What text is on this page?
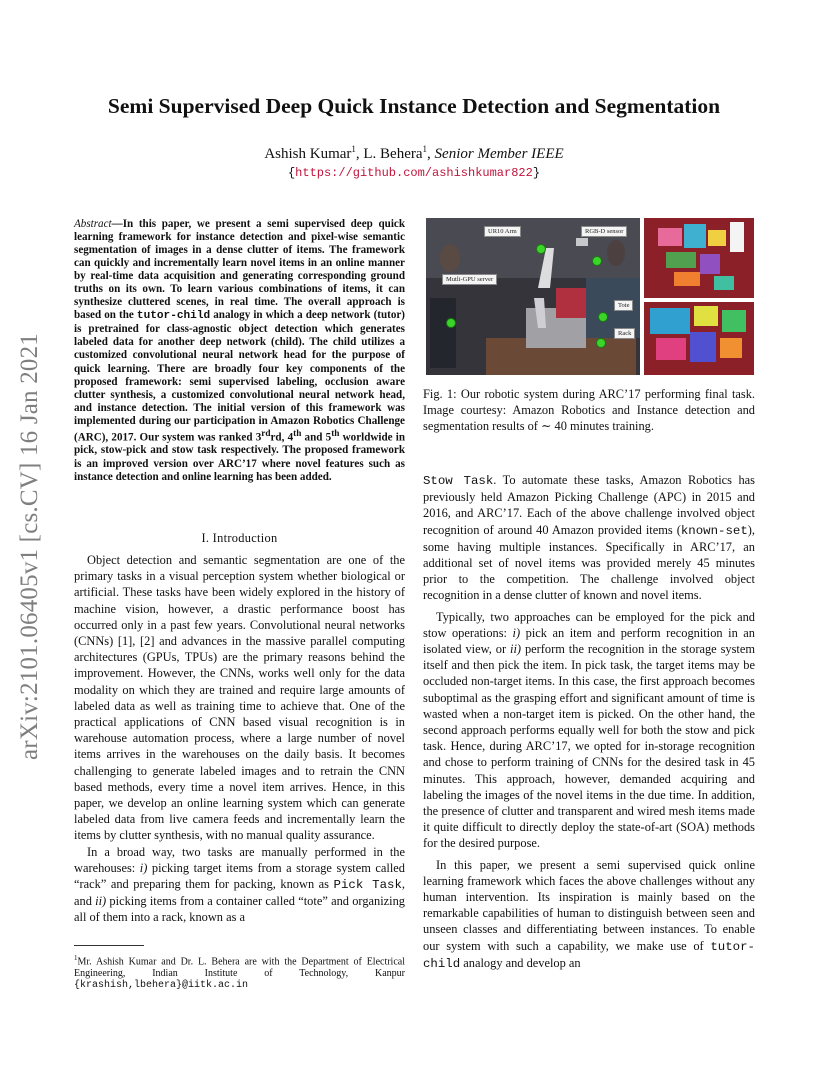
arXiv:2101.06405v1 [cs.CV] 16 Jan 2021
Semi Supervised Deep Quick Instance Detection and Segmentation
Ashish Kumar$^1$, L. Behera$^1$, Senior Member IEEE
{https://github.com/ashishkumar822}
Abstract—In this paper, we present a semi supervised deep quick learning framework for instance detection and pixel-wise semantic segmentation of images in a dense clutter of items. The framework can quickly and incrementally learn novel items in an online manner by real-time data acquisition and generating corresponding ground truths on its own. To learn various combinations of items, it can synthesize cluttered scenes, in real time. The overall approach is based on the tutor-child analogy in which a deep network (tutor) is pretrained for class-agnostic object detection which generates labeled data for another deep network (child). The child utilizes a customized convolutional neural network head for the purpose of quick learning. There are broadly four key components of the proposed framework: semi supervised labeling, occlusion aware clutter synthesis, a customized convolutional neural network head, and instance detection. The initial version of this framework was implemented during our participation in Amazon Robotics Challenge (ARC), 2017. Our system was ranked 3rdrd, 4th and 5th worldwide in pick, stow-pick and stow task respectively. The proposed framework is an improved version over ARC’17 where novel features such as instance detection and online learning has been added.
I. Introduction

Object detection and semantic segmentation are one of the primary tasks in a visual perception system whether biological or artificial. These tasks have been widely explored in the history of machine vision, however, a drastic performance boost has occurred only in a past few years. Convolutional neural networks (CNNs) [1], [2] and advances in the massive parallel computing architectures (GPUs, TPUs) are the primary reasons behind the improvement. However, the CNNs, works well only for the data modality on which they are trained and require large amounts of labeled data as well as training time to achieve that. One of the practical applications of CNN based visual recognition is in warehouse automation process, where a large number of novel items arrives in the warehouses on the daily basis. It becomes challenging to generate labeled images and to retrain the CNN based methods, every time a novel item arrives. Hence, in this paper, we develop an online learning system which can generate labeled data from live camera feeds and incrementally learn the items by clutter synthesis, with no manual quality assurance.

In a broad way, two tasks are manually performed in the warehouses: i) picking target items from a storage system called “rack” and preparing them for packing, known as Pick Task, and ii) picking items from a container called “tote” and organizing all of them into a rack, known as a

$^1$Mr. Ashish Kumar and Dr. L. Behera are with the Department of Electrical Engineering, Indian Institute of Technology, Kanpur {krashish,lbehera}@iitk.ac.in
UR10 Arm	RGB-D sensor
Mutli-GPU server
Tote
Rack
Fig. 1: Our robotic system during ARC’17 performing final task. Image courtesy: Amazon Robotics and Instance detection and segmentation results of ∼ 40 minutes training.

Stow Task. To automate these tasks, Amazon Robotics has previously held Amazon Picking Challenge (APC) in 2015 and 2016, and ARC’17. Each of the above challenge involved object recognition of around 40 Amazon provided items (known-set), some having multiple instances. Specifically in ARC’17, an additional set of novel items was provided merely 45 minutes prior to the competition. The challenge involved object recognition in a dense clutter of known and novel items.

Typically, two approaches can be employed for the pick and stow operations: i) pick an item and perform recognition in an isolated view, or ii) perform the recognition in the storage system itself and then pick the item. In pick task, the target items may be occluded non-target items. In this case, the first approach becomes suboptimal as the grasping effort and significant amount of time is wasted when a non-target item is picked. On the other hand, the second approach performs equally well for both the stow and pick task. Hence, during ARC’17, we opted for in-storage recognition and chose to perform training of CNNs for the desired task in 45 minutes. This approach, however, demanded acquiring and labeling the images of the novel items in the due time. In addition, the presence of clutter and transparent and wired mesh items made it quite difficult to directly deploy the state-of-art (SOA) methods for the desired purpose.

In this paper, we present a semi supervised quick online learning framework which faces the above challenges without any human intervention. Its inspiration is mainly based on the remarkable capabilities of human to distinguish between seen and unseen classes and differentiating between instances. To enable our system with such a capability, we make use of tutor-child analogy and develop an
